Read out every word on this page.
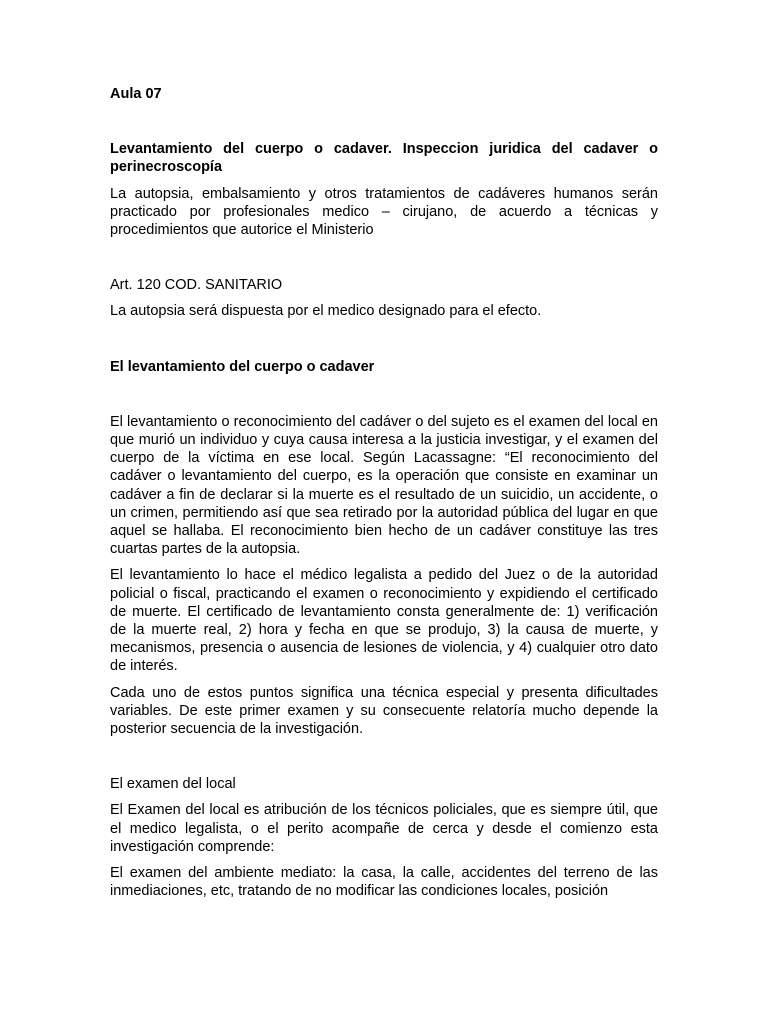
Aula 07

Levantamiento del cuerpo o cadaver. Inspeccion juridica del cadaver o perinecroscopía

La autopsia, embalsamiento y otros tratamientos de cadáveres humanos serán practicado por profesionales medico – cirujano, de acuerdo a técnicas y procedimientos que autorice el Ministerio

Art. 120 COD. SANITARIO

La autopsia será dispuesta por el medico designado para el efecto.

El levantamiento del cuerpo o cadaver

El levantamiento o reconocimiento del cadáver o del sujeto es el examen del local en que murió un individuo y cuya causa interesa a la justicia investigar, y el examen del cuerpo de la víctima en ese local. Según Lacassagne: “El reconocimiento del cadáver o levantamiento del cuerpo, es la operación que consiste en examinar un cadáver a fin de declarar si la muerte es el resultado de un suicidio, un accidente, o un crimen, permitiendo así que sea retirado por la autoridad pública del lugar en que aquel se hallaba. El reconocimiento bien hecho de un cadáver constituye las tres cuartas partes de la autopsia.

El levantamiento lo hace el médico legalista a pedido del Juez o de la autoridad policial o fiscal, practicando el examen o reconocimiento y expidiendo el certificado de muerte. El certificado de levantamiento consta generalmente de: 1) verificación de la muerte real, 2) hora y fecha en que se produjo, 3) la causa de muerte, y mecanismos, presencia o ausencia de lesiones de violencia, y 4) cualquier otro dato de interés.

Cada uno de estos puntos significa una técnica especial y presenta dificultades variables. De este primer examen y su consecuente relatoría mucho depende la posterior secuencia de la investigación.

El examen del local

El Examen del local es atribución de los técnicos policiales, que es siempre útil, que el medico legalista, o el perito acompañe de cerca y desde el comienzo esta investigación comprende:

El examen del ambiente mediato: la casa, la calle, accidentes del terreno de las inmediaciones, etc, tratando de no modificar las condiciones locales, posición
